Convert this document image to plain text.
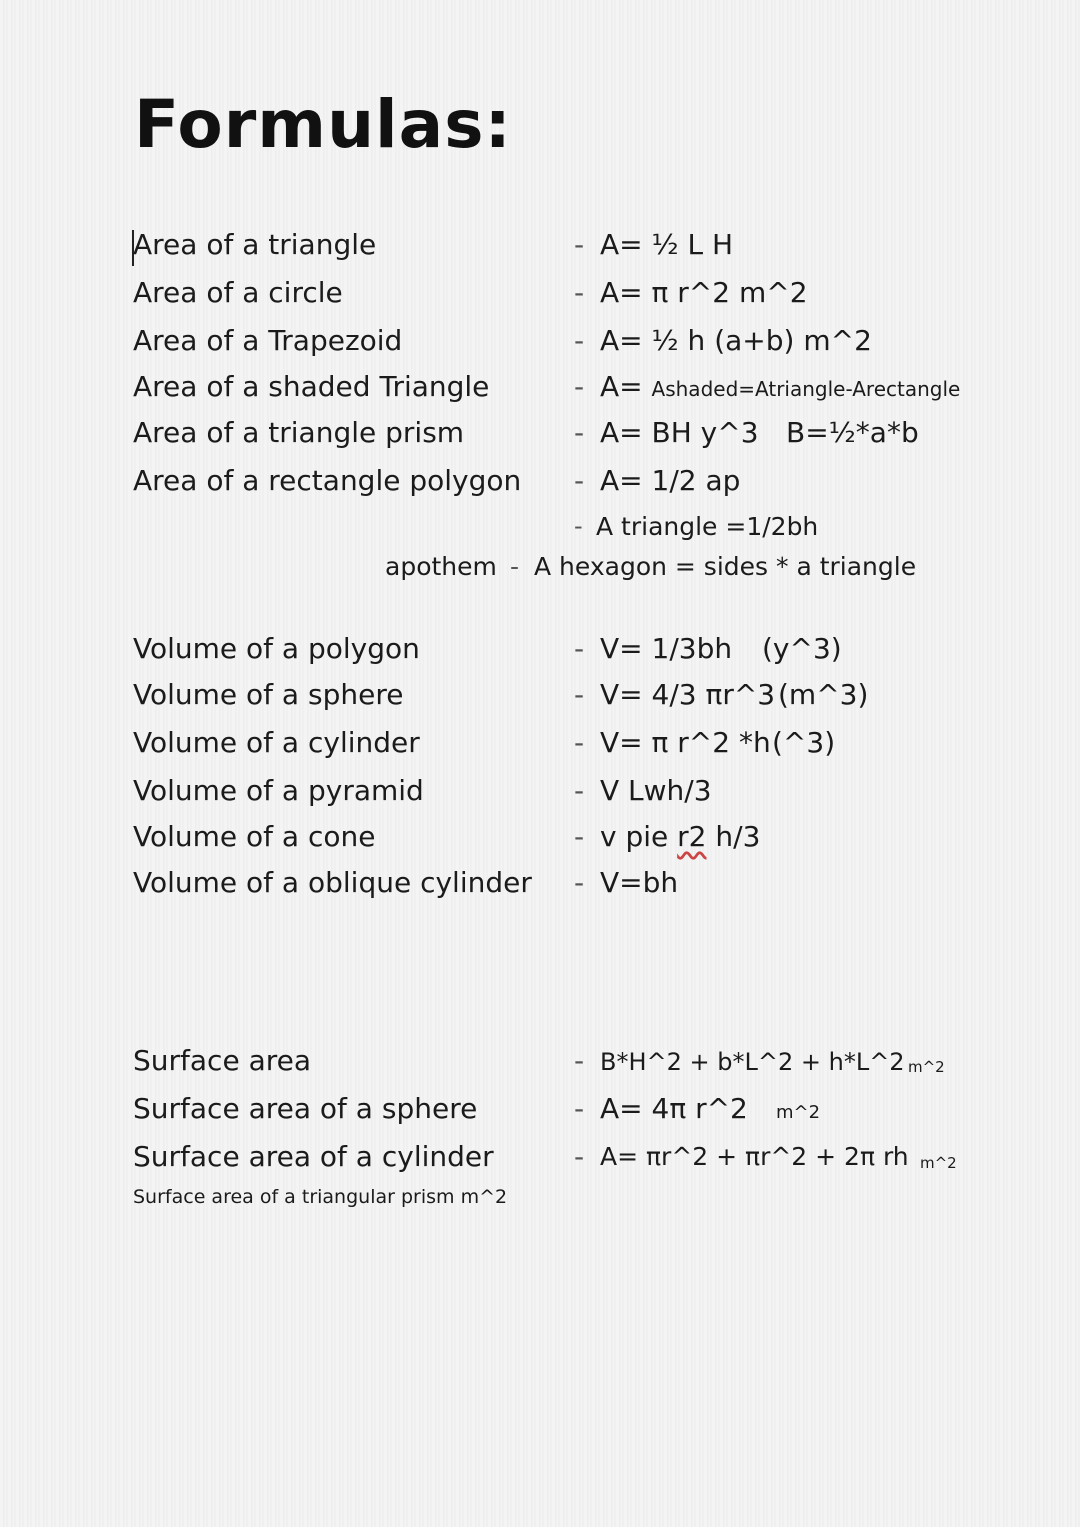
Formulas:
Area of a triangle	- A= ½ L H
Area of a circle	- A= π r^2 m^2
Area of a Trapezoid	- A= ½ h (a+b) m^2
Area of a shaded Triangle	- A= Ashaded=Atriangle-Arectangle
Area of a triangle prism	- A= BH y^3 B=½*a*b
Area of a rectangle polygon - A= 1/2 ap
- A triangle =1/2bh
apothem - A hexagon = sides * a triangle
Volume of a polygon	- V= 1/3bh (y^3)
Volume of a sphere	- V= 4/3 πr^3 (m^3)
Volume of a cylinder	- V= π r^2 *h (^3)
Volume of a pyramid	- V Lwh/3
Volume of a cone	- v pie r2 h/3
Volume of a oblique cylinder - V=bh
Surface area	- B*H^2 + b*L^2 + h*L^2 m^2
Surface area of a sphere	- A= 4π r^2 m^2
Surface area of a cylinder	- A= πr^2 + πr^2 + 2π rh m^2
Surface area of a triangular prism m^2
